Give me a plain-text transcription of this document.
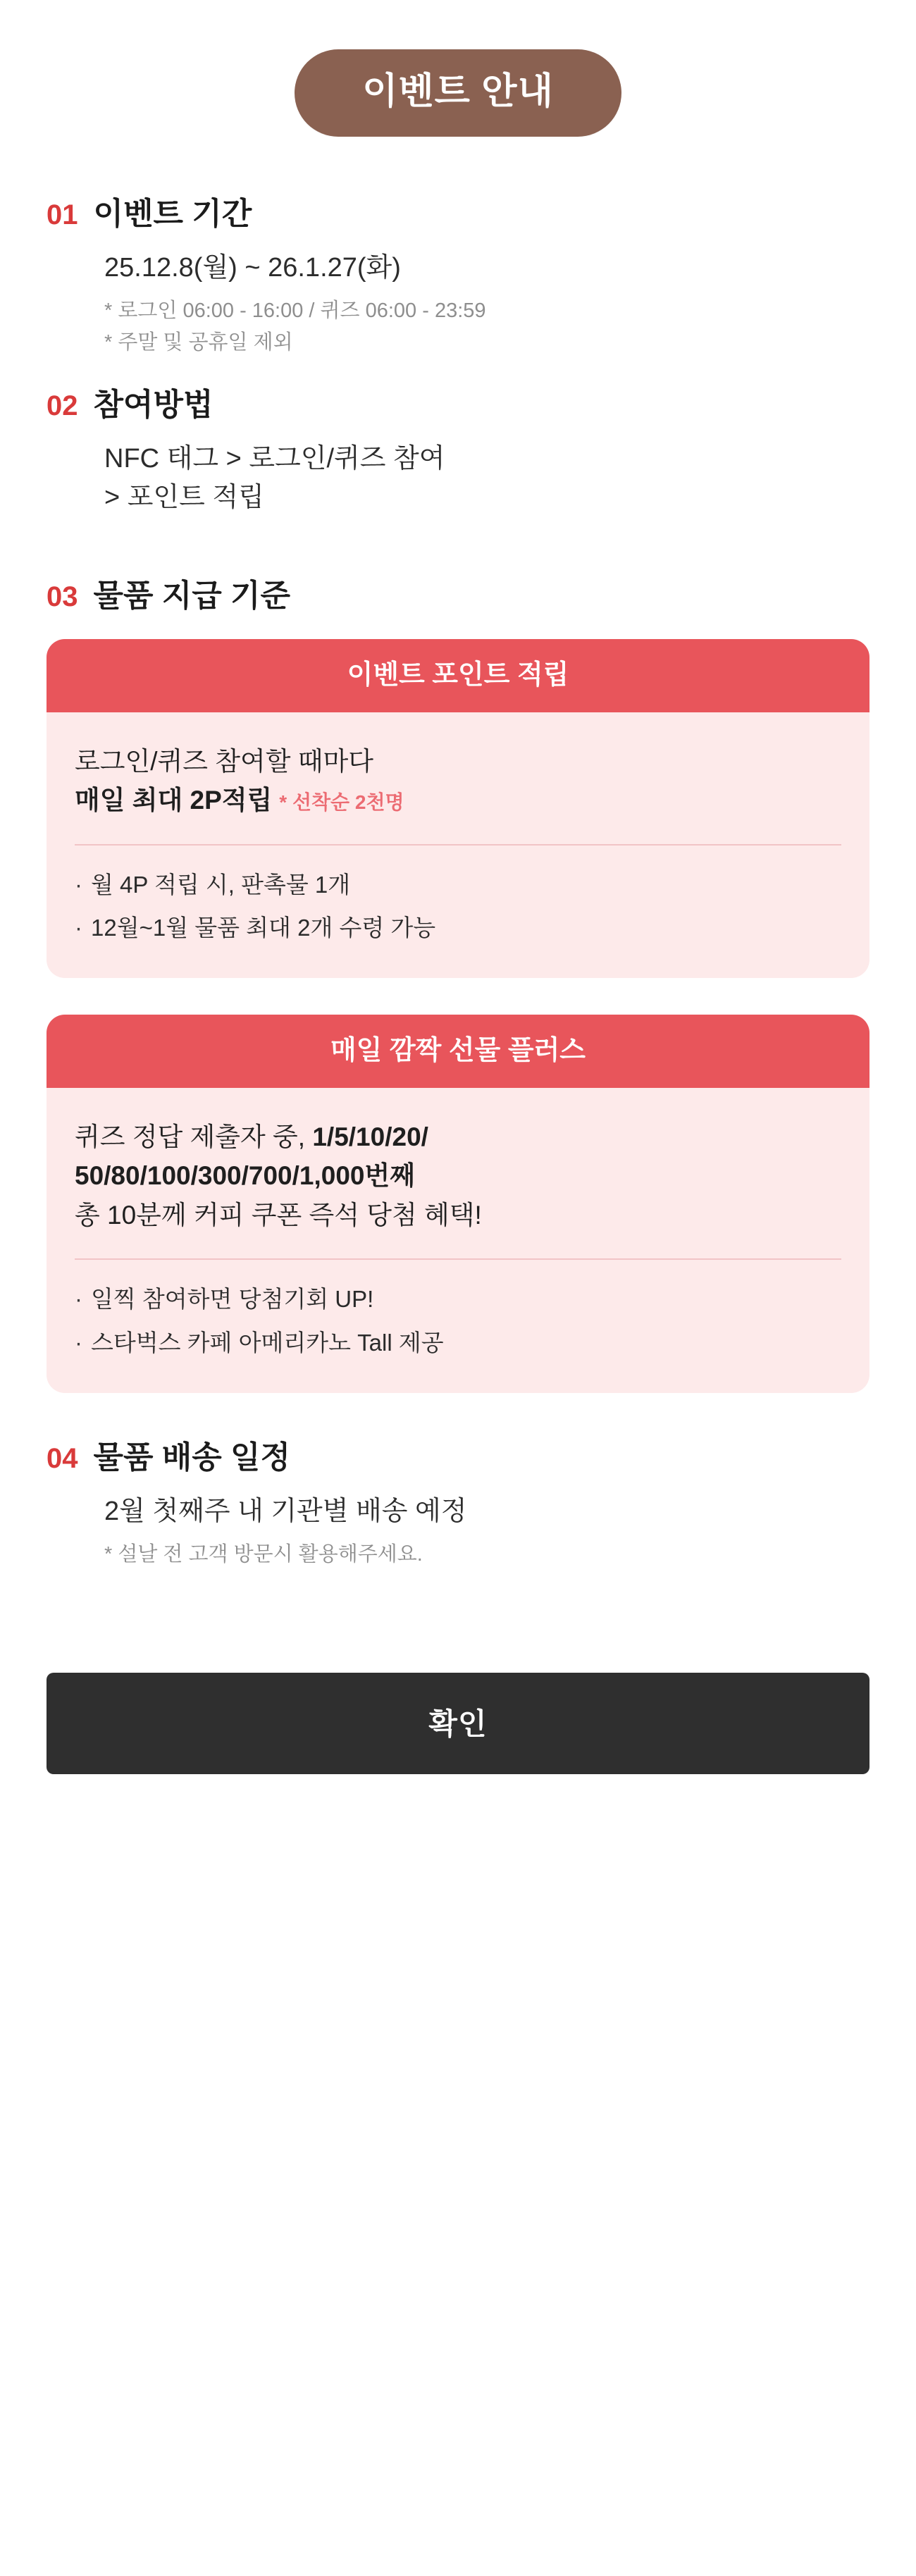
이벤트 안내
01 이벤트 기간
25.12.8(월) ~ 26.1.27(화)
* 로그인 06:00 - 16:00 / 퀴즈 06:00 - 23:59
* 주말 및 공휴일 제외
02 참여방법
NFC 태그 > 로그인/퀴즈 참여
> 포인트 적립
03 물품 지급 기준
이벤트 포인트 적립
로그인/퀴즈 참여할 때마다
매일 최대 2P적립 * 선착순 2천명
· 월 4P 적립 시, 판촉물 1개
· 12월~1월 물품 최대 2개 수령 가능
매일 깜짝 선물 플러스
퀴즈 정답 제출자 중, 1/5/10/20/
50/80/100/300/700/1,000번째
총 10분께 커피 쿠폰 즉석 당첨 혜택!
· 일찍 참여하면 당첨기회 UP!
· 스타벅스 카페 아메리카노 Tall 제공
04 물품 배송 일정
2월 첫째주 내 기관별 배송 예정
* 설날 전 고객 방문시 활용해주세요.
확인
